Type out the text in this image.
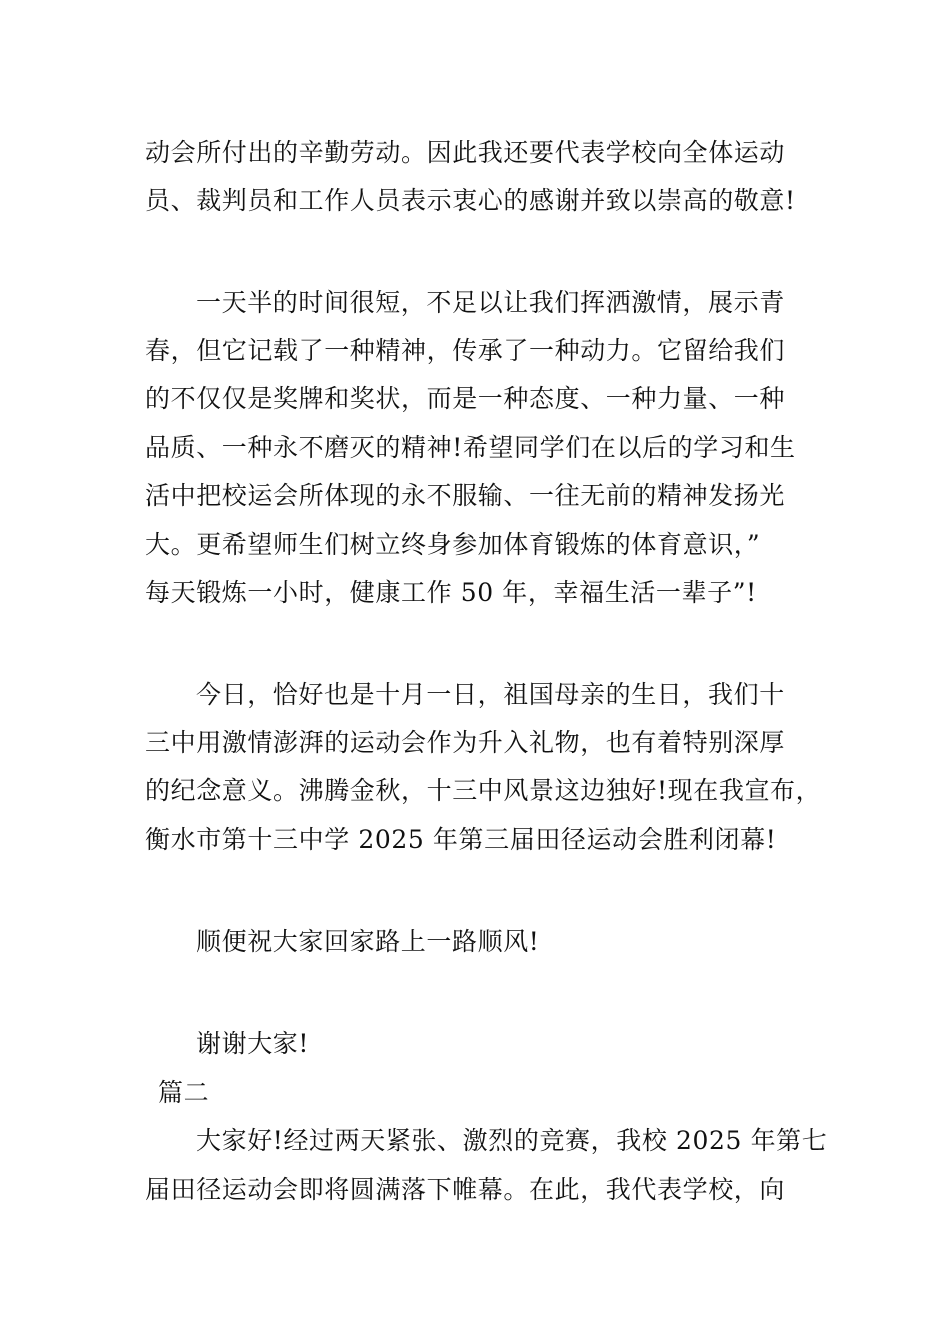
动会所付出的辛勤劳动。因此我还要代表学校向全体运动
员、裁判员和工作人员表示衷心的感谢并致以崇高的敬意!
一天半的时间很短，不足以让我们挥洒激情，展示青
春，但它记载了一种精神，传承了一种动力。它留给我们
的不仅仅是奖牌和奖状，而是一种态度、一种力量、一种
品质、一种永不磨灭的精神!希望同学们在以后的学习和生
活中把校运会所体现的永不服输、一往无前的精神发扬光
大。更希望师生们树立终身参加体育锻炼的体育意识，”
每天锻炼一小时，健康工作 50 年，幸福生活一辈子”!
今日，恰好也是十月一日，祖国母亲的生日，我们十
三中用激情澎湃的运动会作为升入礼物，也有着特别深厚
的纪念意义。沸腾金秋，十三中风景这边独好!现在我宣布，
衡水市第十三中学 2025 年第三届田径运动会胜利闭幕!
顺便祝大家回家路上一路顺风!
谢谢大家!
篇二
大家好!经过两天紧张、激烈的竞赛，我校 2025 年第七
届田径运动会即将圆满落下帷幕。在此，我代表学校，向
